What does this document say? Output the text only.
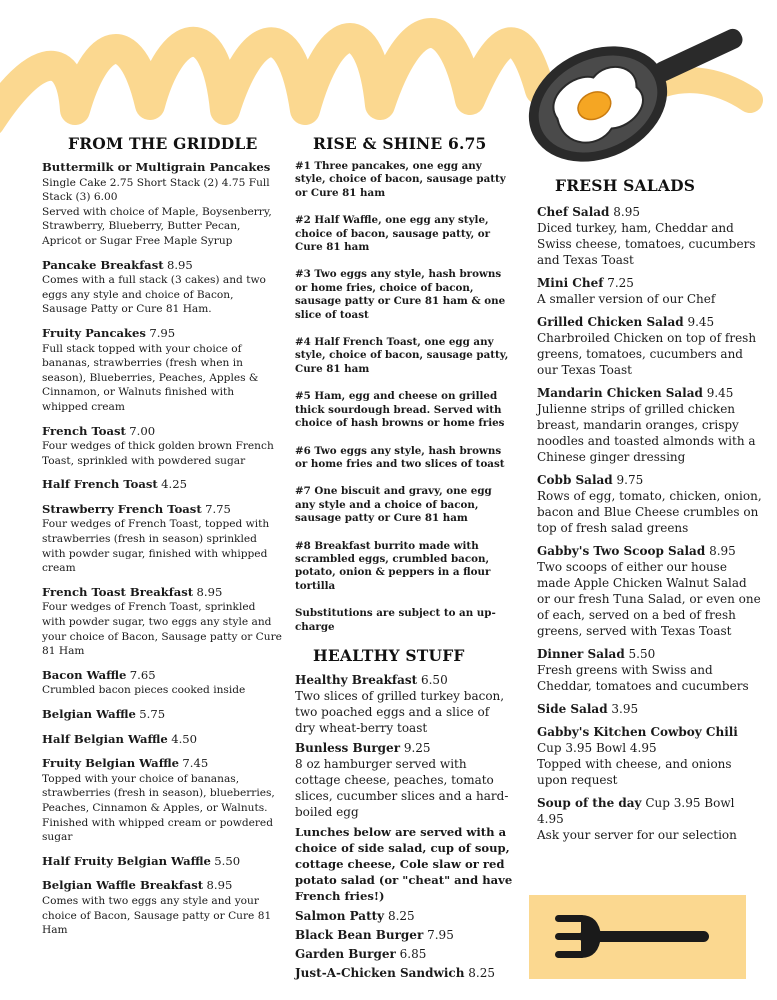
FROM THE GRIDDLE
Buttermilk or Multigrain Pancakes Single Cake 2.75 Short Stack (2) 4.75 Full Stack (3) 6.00
Served with choice of Maple, Boysenberry, Strawberry, Blueberry, Butter Pecan, Apricot or Sugar Free Maple Syrup
Pancake Breakfast 8.95
Comes with a full stack (3 cakes) and two eggs any style and choice of Bacon, Sausage Patty or Cure 81 Ham.
Fruity Pancakes 7.95
Full stack topped with your choice of bananas, strawberries (fresh when in season), Blueberries, Peaches, Apples & Cinnamon, or Walnuts finished with whipped cream
French Toast 7.00
Four wedges of thick golden brown French Toast, sprinkled with powdered sugar
Half French Toast 4.25
Strawberry French Toast 7.75
Four wedges of French Toast, topped with strawberries (fresh in season) sprinkled with powder sugar, finished with whipped cream
French Toast Breakfast 8.95
Four wedges of French Toast, sprinkled with powder sugar, two eggs any style and your choice of Bacon, Sausage patty or Cure 81 Ham
Bacon Waffle 7.65
Crumbled bacon pieces cooked inside
Belgian Waffle 5.75
Half Belgian Waffle 4.50
Fruity Belgian Waffle 7.45
Topped with your choice of bananas, strawberries (fresh in season), blueberries, Peaches, Cinnamon & Apples, or Walnuts. Finished with whipped cream or powdered sugar
Half Fruity Belgian Waffle 5.50
Belgian Waffle Breakfast 8.95
Comes with two eggs any style and your choice of Bacon, Sausage patty or Cure 81 Ham
RISE & SHINE 6.75
#1 Three pancakes, one egg any style, choice of bacon, sausage patty or Cure 81 ham
#2 Half Waffle, one egg any style, choice of bacon, sausage patty, or Cure 81 ham
#3 Two eggs any style, hash browns or home fries, choice of bacon, sausage patty or Cure 81 ham & one slice of toast
#4 Half French Toast, one egg any style, choice of bacon, sausage patty, Cure 81 ham
#5 Ham, egg and cheese on grilled thick sourdough bread. Served with choice of hash browns or home fries
#6 Two eggs any style, hash browns or home fries and two slices of toast
#7 One biscuit and gravy, one egg any style and a choice of bacon, sausage patty or Cure 81 ham
#8 Breakfast burrito made with scrambled eggs, crumbled bacon, potato, onion & peppers in a flour tortilla
Substitutions are subject to an up-charge
HEALTHY STUFF
Healthy Breakfast 6.50
Two slices of grilled turkey bacon, two poached eggs and a slice of dry wheat-berry toast
Bunless Burger 9.25
8 oz hamburger served with cottage cheese, peaches, tomato slices, cucumber slices and a hard-boiled egg
Lunches below are served with a choice of side salad, cup of soup, cottage cheese, Cole slaw or red potato salad (or "cheat" and have French fries!)
Salmon Patty 8.25
Black Bean Burger 7.95
Garden Burger 6.85
Just-A-Chicken Sandwich 8.25
FRESH SALADS
Chef Salad 8.95
Diced turkey, ham, Cheddar and Swiss cheese, tomatoes, cucumbers and Texas Toast
Mini Chef 7.25
A smaller version of our Chef
Grilled Chicken Salad 9.45
Charbroiled Chicken on top of fresh greens, tomatoes, cucumbers and our Texas Toast
Mandarin Chicken Salad 9.45
Julienne strips of grilled chicken breast, mandarin oranges, crispy noodles and toasted almonds with a Chinese ginger dressing
Cobb Salad 9.75
Rows of egg, tomato, chicken, onion, bacon and Blue Cheese crumbles on top of fresh salad greens
Gabby's Two Scoop Salad 8.95
Two scoops of either our house made Apple Chicken Walnut Salad or our fresh Tuna Salad, or even one of each, served on a bed of fresh greens, served with Texas Toast
Dinner Salad 5.50
Fresh greens with Swiss and Cheddar, tomatoes and cucumbers
Side Salad 3.95
Gabby's Kitchen Cowboy Chili Cup 3.95 Bowl 4.95
Topped with cheese, and onions upon request
Soup of the day Cup 3.95 Bowl 4.95
Ask your server for our selection
